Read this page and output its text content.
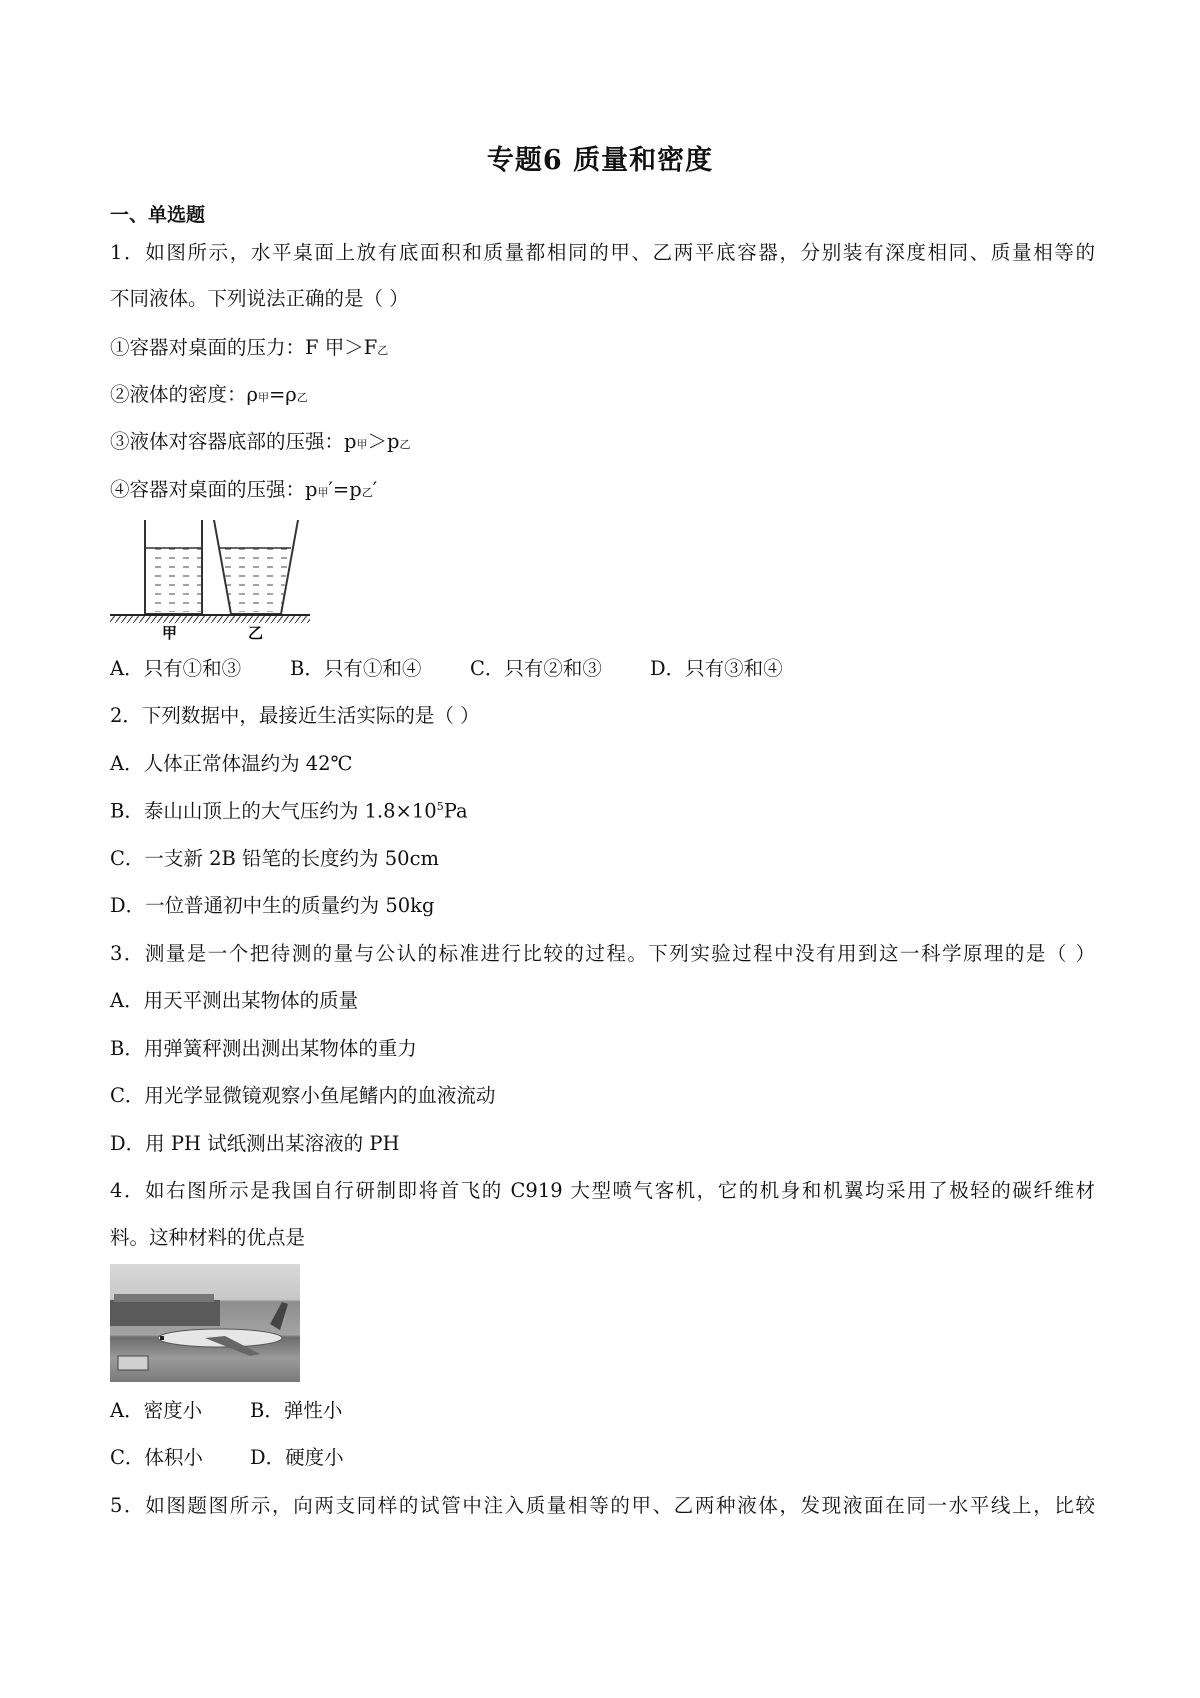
专题6 质量和密度
一、单选题
1．如图所示，水平桌面上放有底面积和质量都相同的甲、乙两平底容器，分别装有深度相同、质量相等的
不同液体。下列说法正确的是（ ）
①容器对桌面的压力：F 甲＞F乙
②液体的密度：ρ甲=ρ乙
③液体对容器底部的压强：p甲＞p乙
④容器对桌面的压强：p甲′=p乙′
甲	乙
A．只有①和③	B．只有①和④ C．只有②和③ D．只有③和④
2．下列数据中，最接近生活实际的是（ ）
A．人体正常体温约为 42℃
B．泰山山顶上的大气压约为 $1.8\times 10^5Pa$
C．一支新 2B 铅笔的长度约为 50cm
D．一位普通初中生的质量约为 50kg
3．测量是一个把待测的量与公认的标准进行比较的过程。下列实验过程中没有用到这一科学原理的是（ ）
A．用天平测出某物体的质量
B．用弹簧秤测出测出某物体的重力
C．用光学显微镜观察小鱼尾鳍内的血液流动
D．用 PH 试纸测出某溶液的 PH
4．如右图所示是我国自行研制即将首飞的 C919 大型喷气客机，它的机身和机翼均采用了极轻的碳纤维材
料。这种材料的优点是
A．密度小 B．弹性小
C．体积小 D．硬度小
5．如图题图所示，向两支同样的试管中注入质量相等的甲、乙两种液体，发现液面在同一水平线上，比较
